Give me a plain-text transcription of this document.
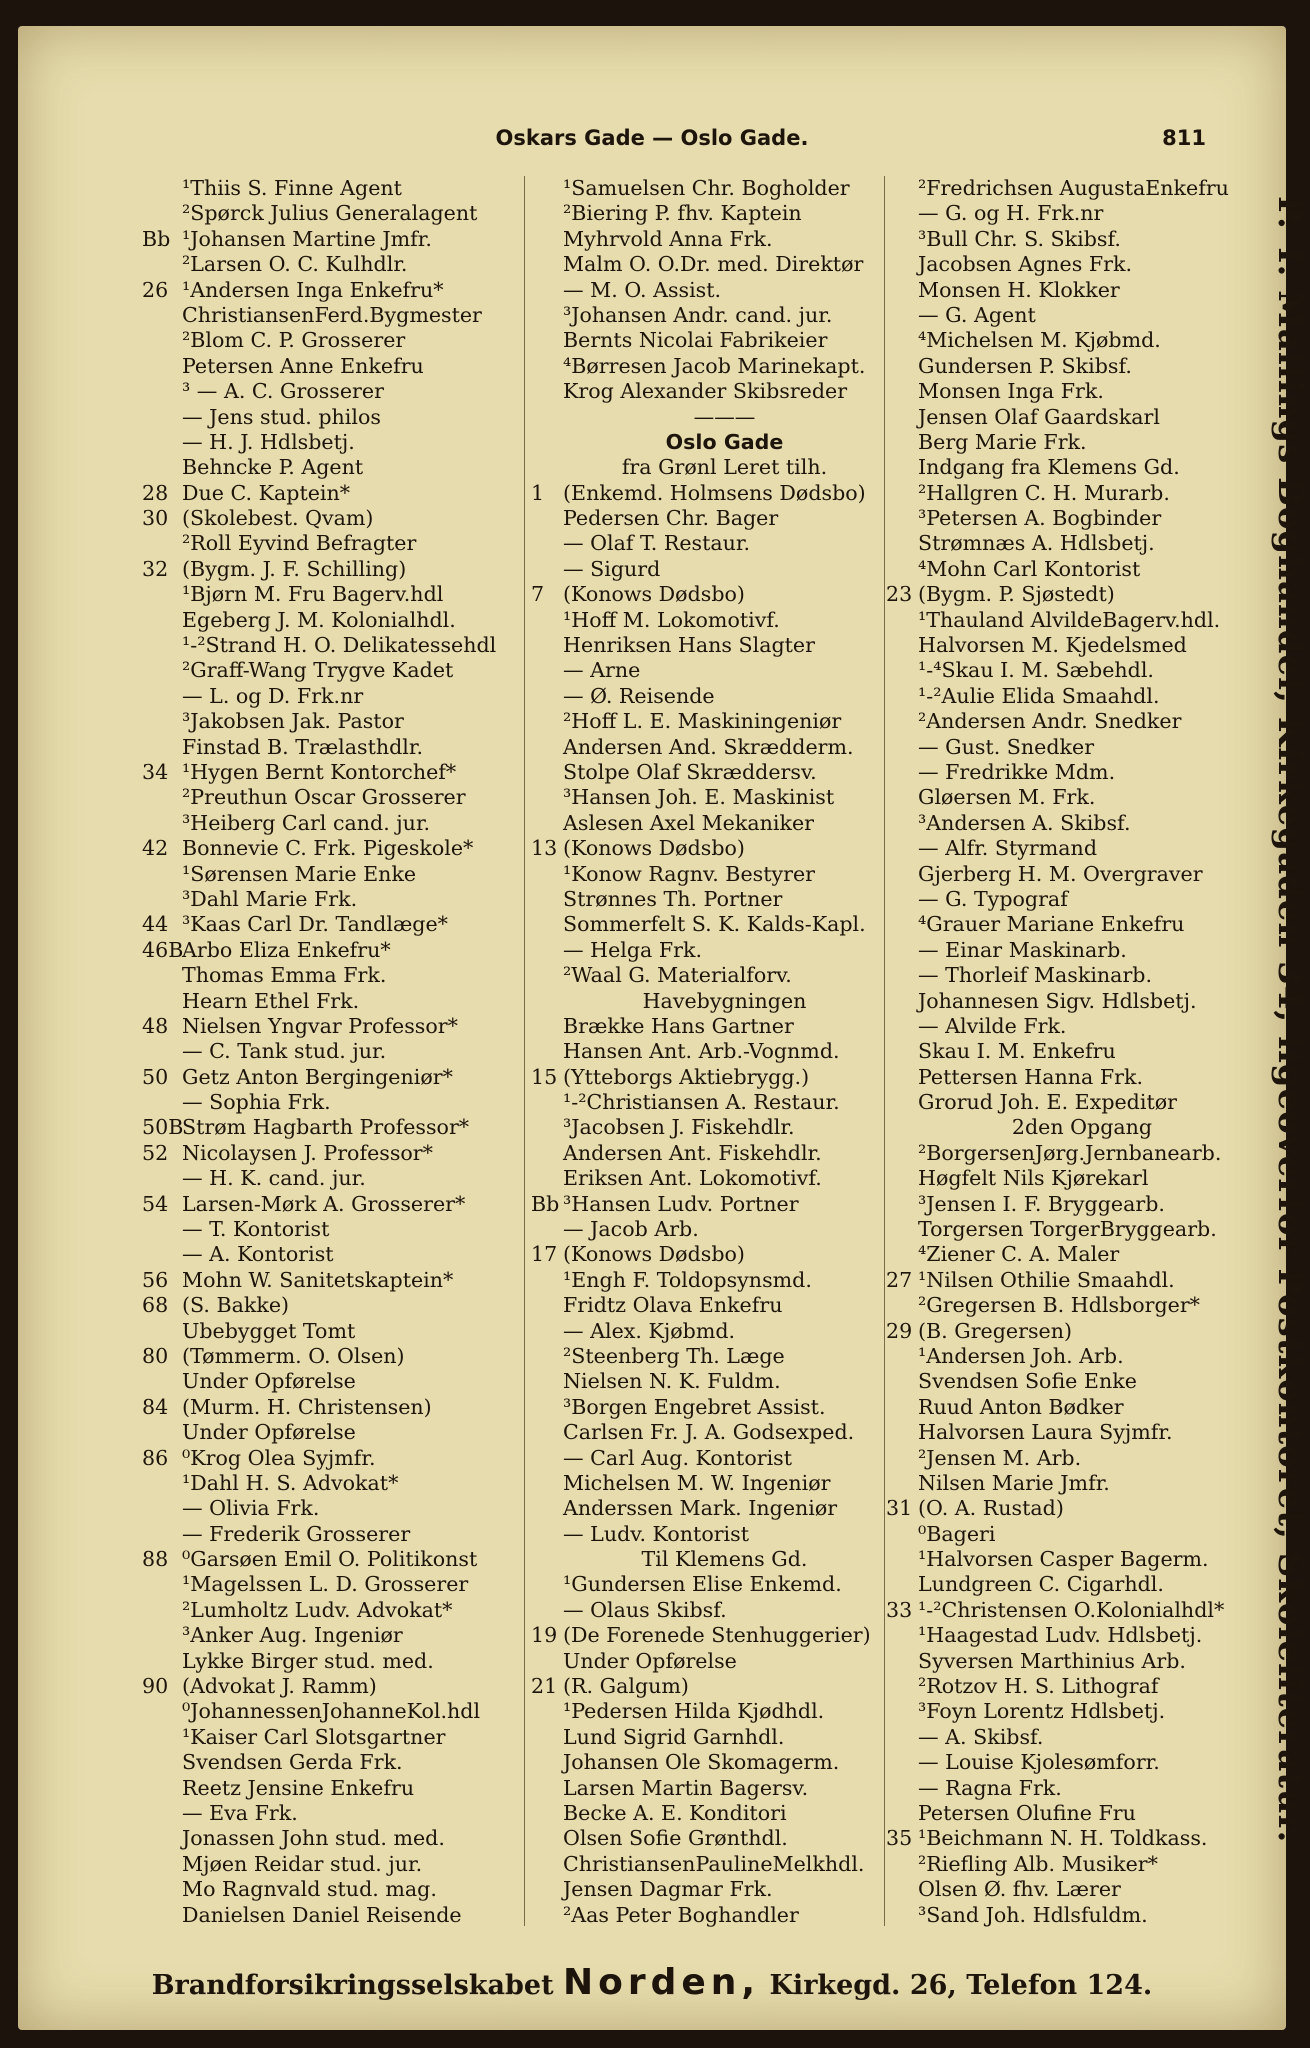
Oskars Gade — Oslo Gade.	811
¹Thiis S. Finne Agent
²Spørck Julius Generalagent
Bb ¹Johansen Martine Jmfr.
²Larsen O. C. Kulhdlr.
26 ¹Andersen Inga Enkefru*
ChristiansenFerd.Bygmester
²Blom C. P. Grosserer
Petersen Anne Enkefru
³ — A. C. Grosserer
— Jens stud. philos
— H. J. Hdlsbetj.
Behncke P. Agent
28 Due C. Kaptein*
30 (Skolebest. Qvam)
²Roll Eyvind Befragter
32 (Bygm. J. F. Schilling)
¹Bjørn M. Fru Bagerv.hdl
Egeberg J. M. Kolonialhdl.
¹-²Strand H. O. Delikatessehdl
²Graff-Wang Trygve Kadet
— L. og D. Frk.nr
³Jakobsen Jak. Pastor
Finstad B. Trælasthdlr.
34 ¹Hygen Bernt Kontorchef*
²Preuthun Oscar Grosserer
³Heiberg Carl cand. jur.
42 Bonnevie C. Frk. Pigeskole*
¹Sørensen Marie Enke
³Dahl Marie Frk.
44 ³Kaas Carl Dr. Tandlæge*
46B
Arbo Eliza Enkefru*
Thomas Emma Frk.
Hearn Ethel Frk.
48 Nielsen Yngvar Professor*
— C. Tank stud. jur.
50 Getz Anton Bergingeniør*
— Sophia Frk.
50B
Strøm Hagbarth Professor*
52 Nicolaysen J. Professor*
— H. K. cand. jur.
54 Larsen-Mørk A. Grosserer*
— T. Kontorist
— A. Kontorist
56 Mohn W. Sanitetskaptein*
68 (S. Bakke)
Ubebygget Tomt
80 (Tømmerm. O. Olsen)
Under Opførelse
84 (Murm. H. Christensen)
Under Opførelse
86 ⁰Krog Olea Syjmfr.
¹Dahl H. S. Advokat*
— Olivia Frk.
— Frederik Grosserer
88 ⁰Garsøen Emil O. Politikonst
¹Magelssen L. D. Grosserer
²Lumholtz Ludv. Advokat*
³Anker Aug. Ingeniør
Lykke Birger stud. med.
90 (Advokat J. Ramm)
⁰JohannessenJohanneKol.hdl
¹Kaiser Carl Slotsgartner
Svendsen Gerda Frk.
Reetz Jensine Enkefru
— Eva Frk.
Jonassen John stud. med.
Mjøen Reidar stud. jur.
Mo Ragnvald stud. mag.
Danielsen Daniel Reisende
¹Samuelsen Chr. Bogholder
²Biering P. fhv. Kaptein
Myhrvold Anna Frk.
Malm O. O.Dr. med. Direktør
— M. O. Assist.
³Johansen Andr. cand. jur.
Bernts Nicolai Fabrikeier
⁴Børresen Jacob Marinekapt.
Krog Alexander Skibsreder
———
Oslo Gade
fra Grønl Leret tilh.
1 (Enkemd. Holmsens Dødsbo)
Pedersen Chr. Bager
— Olaf T. Restaur.
— Sigurd
7 (Konows Dødsbo)
¹Hoff M. Lokomotivf.
Henriksen Hans Slagter
— Arne
— Ø. Reisende
²Hoff L. E. Maskiningeniør
Andersen And. Skrædderm.
Stolpe Olaf Skræddersv.
³Hansen Joh. E. Maskinist
Aslesen Axel Mekaniker
13 (Konows Dødsbo)
¹Konow Ragnv. Bestyrer
Strønnes Th. Portner
Sommerfelt S. K. Kalds-Kapl.
— Helga Frk.
²Waal G. Materialforv.
Havebygningen
Brække Hans Gartner
Hansen Ant. Arb.-Vognmd.
15 (Ytteborgs Aktiebrygg.)
¹-²Christiansen A. Restaur.
³Jacobsen J. Fiskehdlr.
Andersen Ant. Fiskehdlr.
Eriksen Ant. Lokomotivf.
Bb ³Hansen Ludv. Portner
— Jacob Arb.
17 (Konows Dødsbo)
¹Engh F. Toldopsynsmd.
Fridtz Olava Enkefru
— Alex. Kjøbmd.
²Steenberg Th. Læge
Nielsen N. K. Fuldm.
³Borgen Engebret Assist.
Carlsen Fr. J. A. Godsexped.
— Carl Aug. Kontorist
Michelsen M. W. Ingeniør
Anderssen Mark. Ingeniør
— Ludv. Kontorist
Til Klemens Gd.
¹Gundersen Elise Enkemd.
— Olaus Skibsf.
19 (De Forenede Stenhuggerier)
Under Opførelse
21 (R. Galgum)
¹Pedersen Hilda Kjødhdl.
Lund Sigrid Garnhdl.
Johansen Ole Skomagerm.
Larsen Martin Bagersv.
Becke A. E. Konditori
Olsen Sofie Grønthdl.
ChristiansenPaulineMelkhdl.
Jensen Dagmar Frk.
²Aas Peter Boghandler
²Fredrichsen AugustaEnkefru
— G. og H. Frk.nr
³Bull Chr. S. Skibsf.
Jacobsen Agnes Frk.
Monsen H. Klokker
— G. Agent
⁴Michelsen M. Kjøbmd.
Gundersen P. Skibsf.
Monsen Inga Frk.
Jensen Olaf Gaardskarl
Berg Marie Frk.
Indgang fra Klemens Gd.
²Hallgren C. H. Murarb.
³Petersen A. Bogbinder
Strømnæs A. Hdlsbetj.
⁴Mohn Carl Kontorist
23 (Bygm. P. Sjøstedt)
¹Thauland AlvildeBagerv.hdl.
Halvorsen M. Kjedelsmed
¹-⁴Skau I. M. Sæbehdl.
¹-²Aulie Elida Smaahdl.
²Andersen Andr. Snedker
— Gust. Snedker
— Fredrikke Mdm.
Gløersen M. Frk.
³Andersen A. Skibsf.
— Alfr. Styrmand
Gjerberg H. M. Overgraver
— G. Typograf
⁴Grauer Mariane Enkefru
— Einar Maskinarb.
— Thorleif Maskinarb.
Johannesen Sigv. Hdlsbetj.
— Alvilde Frk.
Skau I. M. Enkefru
Pettersen Hanna Frk.
Grorud Joh. E. Expeditør
2den Opgang
²BorgersenJørg.Jernbanearb.
Høgfelt Nils Kjørekarl
³Jensen I. F. Bryggearb.
Torgersen TorgerBryggearb.
⁴Ziener C. A. Maler
27 ¹Nilsen Othilie Smaahdl.
²Gregersen B. Hdlsborger*
29 (B. Gregersen)
¹Andersen Joh. Arb.
Svendsen Sofie Enke
Ruud Anton Bødker
Halvorsen Laura Syjmfr.
²Jensen M. Arb.
Nilsen Marie Jmfr.
31 (O. A. Rustad)
⁰Bageri
¹Halvorsen Casper Bagerm.
Lundgreen C. Cigarhdl.
33 ¹-²Christensen O.Kolonialhdl*
¹Haagestad Ludv. Hdlsbetj.
Syversen Marthinius Arb.
²Rotzov H. S. Lithograf
³Foyn Lorentz Hdlsbetj.
— A. Skibsf.
— Louise Kjolesømforr.
— Ragna Frk.
Petersen Olufine Fru
35 ¹Beichmann N. H. Toldkass.
²Riefling Alb. Musiker*
Olsen Ø. fhv. Lærer
³Sand Joh. Hdlsfuldm.
P. T. Mallings Boghandel, Kirkegaden 34, ligeoverfor Postkontoret, Skoleliteratur.
Brandforsikringsselskabet Norden, Kirkegd. 26, Telefon 124.
